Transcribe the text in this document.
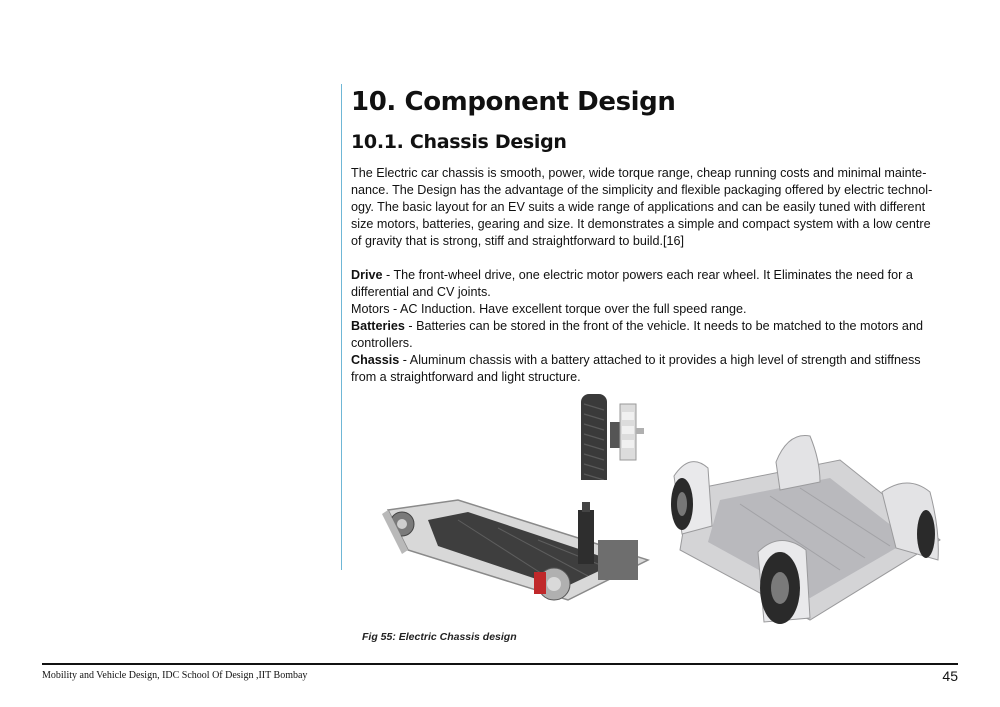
10. Component Design
10.1. Chassis Design
The Electric car chassis is smooth, power, wide torque range, cheap running costs and minimal mainte-
nance. The Design has the advantage of the simplicity and flexible packaging offered by electric technol-
ogy. The basic layout for an EV suits a wide range of applications and can be easily tuned with different
size motors, batteries, gearing and size. It demonstrates a simple and compact system with a low centre
of gravity that is strong, stiff and straightforward to build.[16]
Drive - The front-wheel drive, one electric motor powers each rear wheel. It Eliminates the need for a
differential and CV joints.
Motors - AC Induction. Have excellent torque over the full speed range.
Batteries - Batteries can be stored in the front of the vehicle. It needs to be matched to the motors and
controllers.
Chassis - Aluminum chassis with a battery attached to it provides a high level of strength and stiffness
from a straightforward and light structure.
Fig 55: Electric Chassis design
Mobility and Vehicle Design, IDC School Of Design ,IIT Bombay	45
